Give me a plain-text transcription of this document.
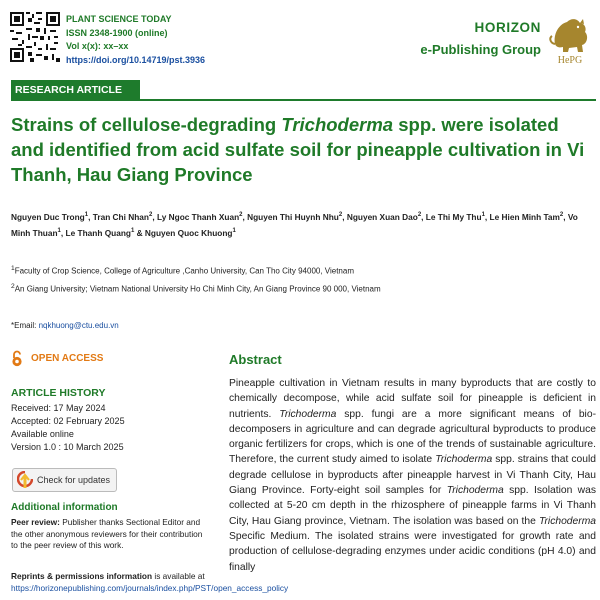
PLANT SCIENCE TODAY
ISSN 2348-1900 (online)
Vol x(x): xx–xx
https://doi.org/10.14719/pst.3936
HORIZON
e-Publishing Group
HePG
RESEARCH ARTICLE
Strains of cellulose-degrading Trichoderma spp. were isolated and identified from acid sulfate soil for pineapple cultivation in Vi Thanh, Hau Giang Province
Nguyen Duc Trong$^1$, Tran Chi Nhan$^2$, Ly Ngoc Thanh Xuan$^2$, Nguyen Thi Huynh Nhu$^2$, Nguyen Xuan Dao$^2$, Le Thi My Thu$^1$, Le Hien Minh Tam$^2$, Vo Minh Thuan$^1$, Le Thanh Quang$^1$ & Nguyen Quoc Khuong$^1$
$^1$Faculty of Crop Science, College of Agriculture ,Canho University, Can Tho City 94000, Vietnam
$^2$An Giang University; Vietnam National University Ho Chi Minh City, An Giang Province 90 000, Vietnam
*Email: nqkhuong@ctu.edu.vn
OPEN ACCESS
ARTICLE HISTORY
Received: 17 May 2024
Accepted: 02 February 2025
Available online
Version 1.0 : 10 March 2025
Check for updates
Additional information
Peer review: Publisher thanks Sectional Editor and the other anonymous reviewers for their contribution to the peer review of this work.
Reprints & permissions information is available at https://horizonepublishing.com/journals/index.php/PST/open_access_policy
Abstract
Pineapple cultivation in Vietnam results in many byproducts that are costly to chemically decompose, while acid sulfate soil for pineapple is deficient in nutrients. Trichoderma spp. fungi are a more significant means of bio-decomposers in agriculture and can degrade agricultural byproducts to produce organic fertilizers for crops, which is one of the trends of sustainable agriculture. Therefore, the current study aimed to isolate Trichoderma spp. strains that could degrade cellulose in byproducts after pineapple harvest in Vi Thanh City, Hau Giang Province. Forty-eight soil samples for Trichoderma spp. Isolation was collected at 5-20 cm depth in the rhizosphere of pineapple farms in Vi Thanh City, Hau Giang province, Vietnam. The isolation was based on the Trichoderma Specific Medium. The isolated strains were investigated for growth rate and production of cellulose-degrading enzymes under acidic conditions (pH 4.0) and finally
